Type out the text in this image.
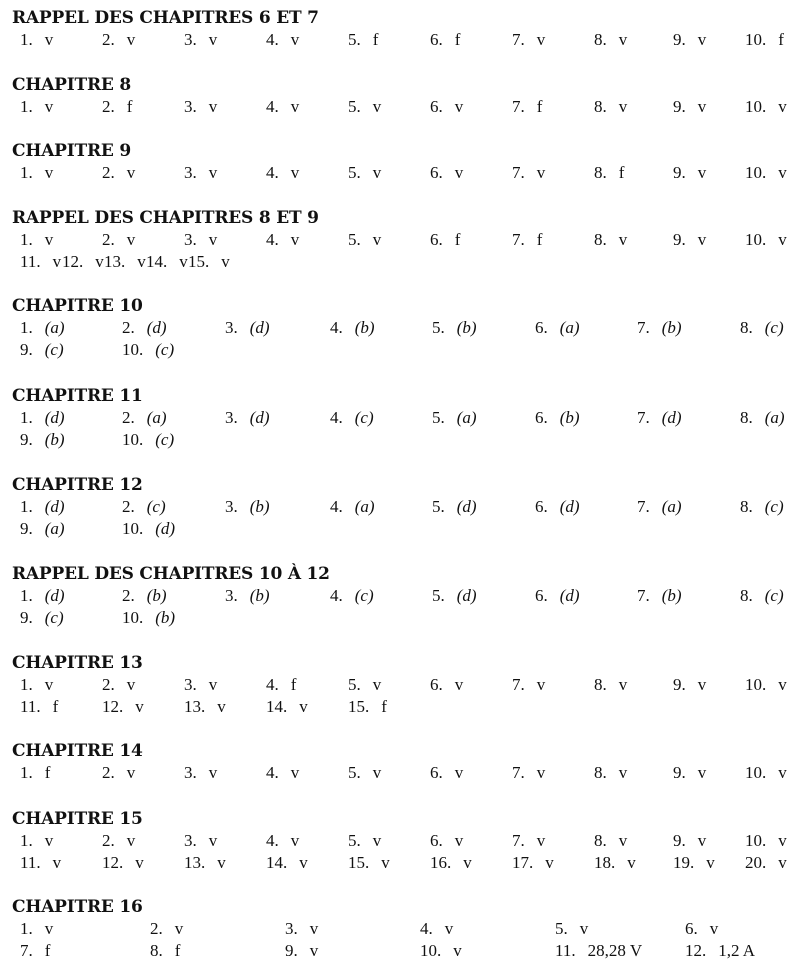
RAPPEL DES CHAPITRES 6 ET 7
1. v	2. v	3. v	4. v	5. f	6. f	7. v	8. v	9. v 10. f
CHAPITRE 8
1. v	2. f	3. v	4. v	5. v	6. v	7. f	8. v	9. v 10. v
CHAPITRE 9
1. v	2. v	3. v	4. v	5. v	6. v	7. v	8. f	9. v 10. v
RAPPEL DES CHAPITRES 8 ET 9
1. v	2. v	3. v	4. v	5. v	6. f	7. f	8. v	9. v 10. v
11. v 12. v 13. v 14. v 15. v
CHAPITRE 10
1. (a)	2. (d)	3. (d)	4. (b)	5. (b)	6. (a)	7. (b)	8. (c)
9. (c)	10. (c)
CHAPITRE 11
1. (d)	2. (a)	3. (d)	4. (c)	5. (a)	6. (b)	7. (d)	8. (a)
9. (b)	10. (c)
CHAPITRE 12
1. (d)	2. (c)	3. (b)	4. (a)	5. (d)	6. (d)	7. (a)	8. (c)
9. (a)	10. (d)
RAPPEL DES CHAPITRES 10 À 12
1. (d)	2. (b)	3. (b)	4. (c)	5. (d)	6. (d)	7. (b)	8. (c)
9. (c)	10. (b)
CHAPITRE 13
1. v	2. v	3. v	4. f	5. v	6. v	7. v	8. v	9. v 10. v
11. f	12. v 13. v 14. v 15. f
CHAPITRE 14
1. f	2. v	3. v	4. v	5. v	6. v	7. v	8. v	9. v 10. v
CHAPITRE 15
1. v	2. v	3. v	4. v	5. v	6. v	7. v	8. v	9. v 10. v
11. v 12. v 13. v 14. v 15. v 16. v 17. v 18. v 19. v 20. v
CHAPITRE 16
1. v	2. v	3. v	4. v	5. v	6. v
7. f	8. f	9. v	10. v	11. 28,28 V	12. 1,2 A
